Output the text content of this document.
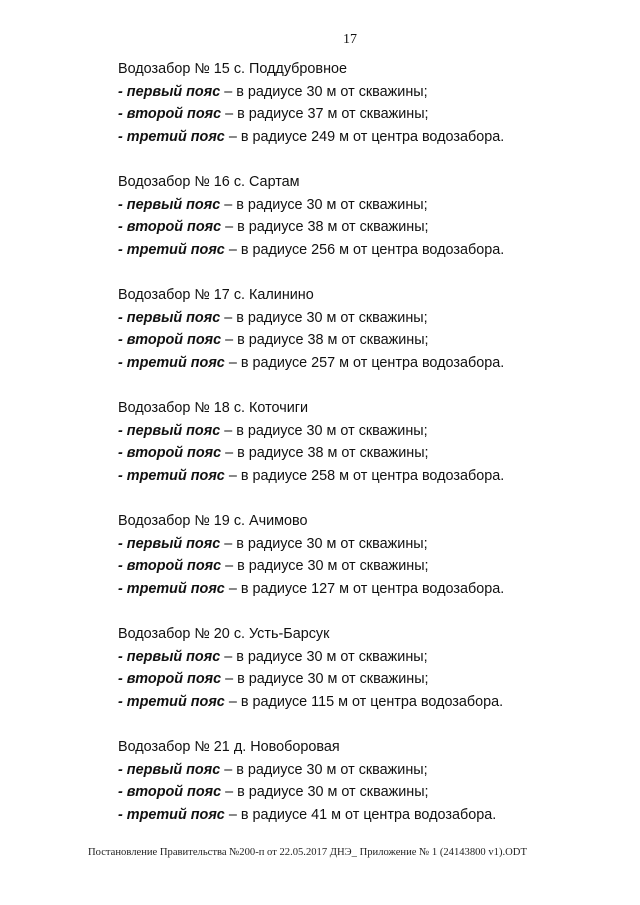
17
Водозабор № 15 с. Поддубровное
- первый пояс – в радиусе 30 м от скважины;
- второй пояс – в радиусе 37 м от скважины;
- третий пояс – в радиусе 249 м от центра водозабора.
Водозабор № 16 с. Сартам
- первый пояс – в радиусе 30 м от скважины;
- второй пояс – в радиусе 38 м от скважины;
- третий пояс – в радиусе 256 м от центра водозабора.
Водозабор № 17 с. Калинино
- первый пояс – в радиусе 30 м от скважины;
- второй пояс – в радиусе 38 м от скважины;
- третий пояс – в радиусе 257 м от центра водозабора.
Водозабор № 18 с. Коточиги
- первый пояс – в радиусе 30 м от скважины;
- второй пояс – в радиусе 38 м от скважины;
- третий пояс – в радиусе 258 м от центра водозабора.
Водозабор № 19 с. Ачимово
- первый пояс – в радиусе 30 м от скважины;
- второй пояс – в радиусе 30 м от скважины;
- третий пояс – в радиусе 127 м от центра водозабора.
Водозабор № 20 с. Усть-Барсук
- первый пояс – в радиусе 30 м от скважины;
- второй пояс – в радиусе 30 м от скважины;
- третий пояс – в радиусе 115 м от центра водозабора.
Водозабор № 21 д. Новоборовая
- первый пояс – в радиусе 30 м от скважины;
- второй пояс – в радиусе 30 м от скважины;
- третий пояс – в радиусе 41 м от центра водозабора.
Постановление Правительства №200-п от 22.05.2017 ДНЭ_ Приложение № 1 (24143800 v1).ODT
